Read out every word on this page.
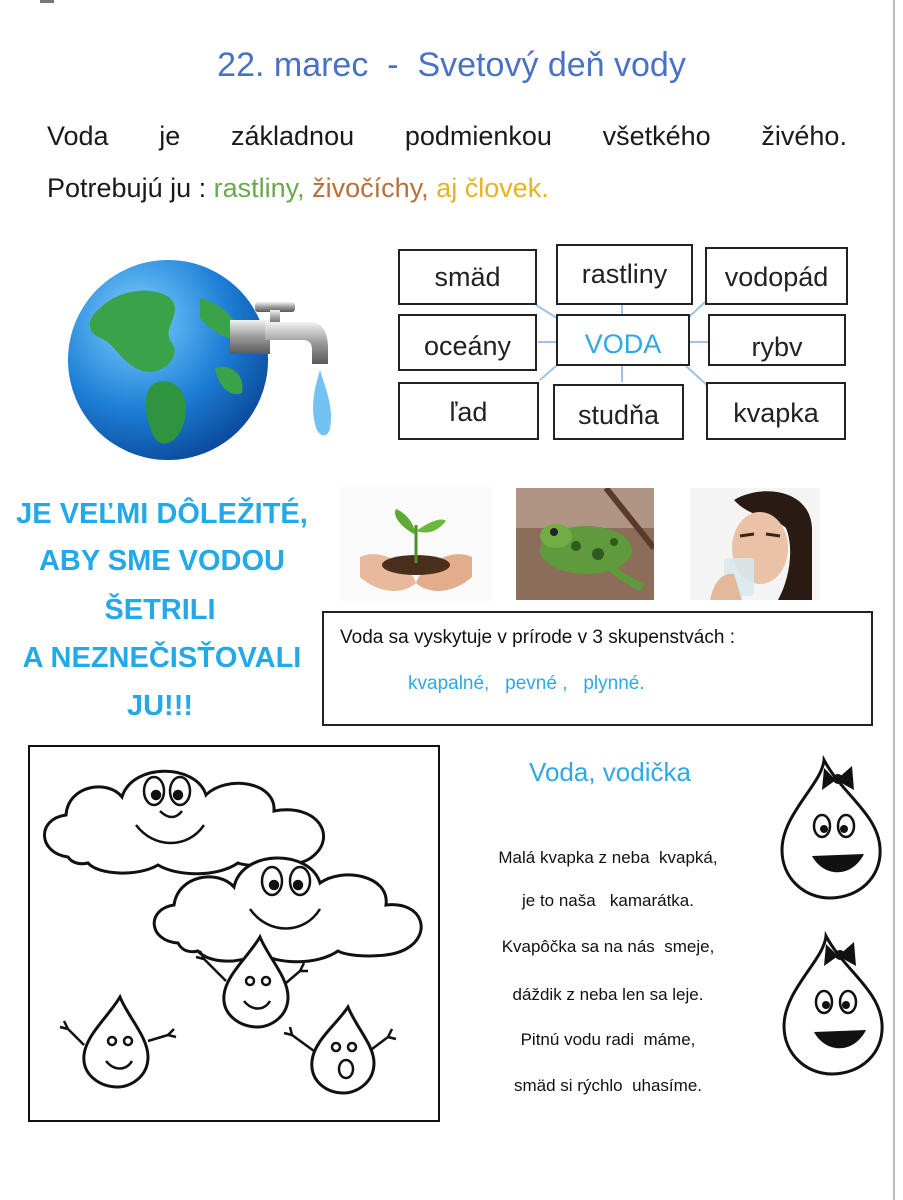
22. marec  -  Svetový deň vody
Voda je základnou podmienkou všetkého živého.
Potrebujú ju : rastliny, živočíchy, aj človek.
smäd	rastliny	vodopád
oceány	VODA	rybv
ľad	studňa	kvapka
JE VEĽMI DÔLEŽITÉ,
ABY SME VODOU
ŠETRILI
A NEZNEČISŤOVALI
JU!!!
Voda sa vyskytuje v prírode v 3 skupenstvách :
kvapalné,   pevné ,   plynné.
Voda, vodička
Malá kvapka z neba  kvapká,
je to naša   kamarátka.
Kvapôčka sa na nás  smeje,
dáždik z neba len sa leje.
Pitnú vodu radi  máme,
smäd si rýchlo  uhasíme.
